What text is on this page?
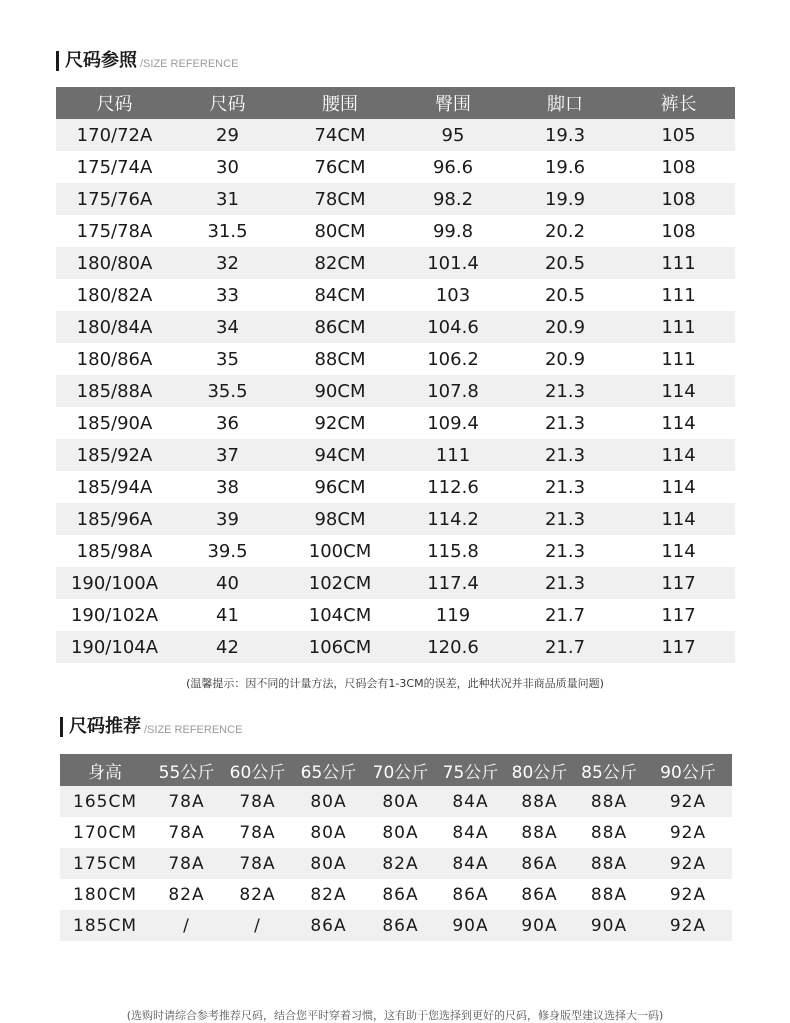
尺码参照 /SIZE REFERENCE
尺码	尺码	腰围	臀围	脚口	裤长
170/72A	29	74CM	95	19.3	105
175/74A	30	76CM	96.6	19.6	108
175/76A	31	78CM	98.2	19.9	108
175/78A	31.5	80CM	99.8	20.2	108
180/80A	32	82CM	101.4	20.5	111
180/82A	33	84CM	103	20.5	111
180/84A	34	86CM	104.6	20.9	111
180/86A	35	88CM	106.2	20.9	111
185/88A	35.5	90CM	107.8	21.3	114
185/90A	36	92CM	109.4	21.3	114
185/92A	37	94CM	111	21.3	114
185/94A	38	96CM	112.6	21.3	114
185/96A	39	98CM	114.2	21.3	114
185/98A	39.5	100CM	115.8	21.3	114
190/100A	40	102CM	117.4	21.3	117
190/102A	41	104CM	119	21.7	117
190/104A	42	106CM	120.6	21.7	117
(温馨提示：因不同的计量方法，尺码会有1-3CM的误差，此种状况并非商品质量问题)
尺码推荐 /SIZE REFERENCE
身高	55公斤	60公斤	65公斤	70公斤	75公斤	80公斤	85公斤	90公斤
165CM	78A	78A	80A	80A	84A	88A	88A	92A
170CM	78A	78A	80A	80A	84A	88A	88A	92A
175CM	78A	78A	80A	82A	84A	86A	88A	92A
180CM	82A	82A	82A	86A	86A	86A	88A	92A
185CM	/	/	86A	86A	90A	90A	90A	92A
(选购时请综合参考推荐尺码，结合您平时穿着习惯，这有助于您选择到更好的尺码，修身版型建议选择大一码)
